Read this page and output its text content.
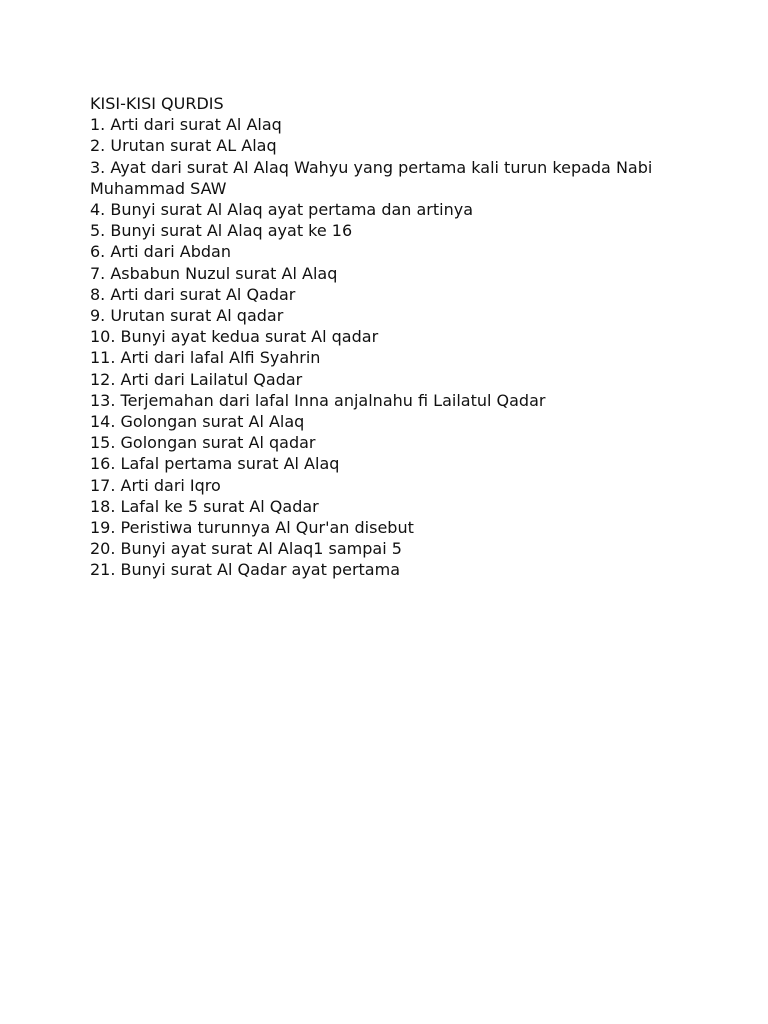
KISI-KISI QURDIS
1. Arti dari surat Al Alaq
2. Urutan surat AL Alaq
3. Ayat dari surat Al Alaq Wahyu yang pertama kali turun kepada Nabi Muhammad SAW
4. Bunyi surat Al Alaq ayat pertama dan artinya
5. Bunyi surat Al Alaq ayat ke 16
6. Arti dari Abdan
7. Asbabun Nuzul surat Al Alaq
8. Arti dari surat Al Qadar
9. Urutan surat Al qadar
10. Bunyi ayat kedua surat Al qadar
11. Arti dari lafal Alfi Syahrin
12. Arti dari Lailatul Qadar
13. Terjemahan dari lafal Inna anjalnahu fi Lailatul Qadar
14. Golongan surat Al Alaq
15. Golongan surat Al qadar
16. Lafal pertama surat Al Alaq
17. Arti dari Iqro
18. Lafal ke 5 surat Al Qadar
19. Peristiwa turunnya Al Qur'an disebut
20. Bunyi ayat surat Al Alaq1 sampai 5
21. Bunyi surat Al Qadar ayat pertama
